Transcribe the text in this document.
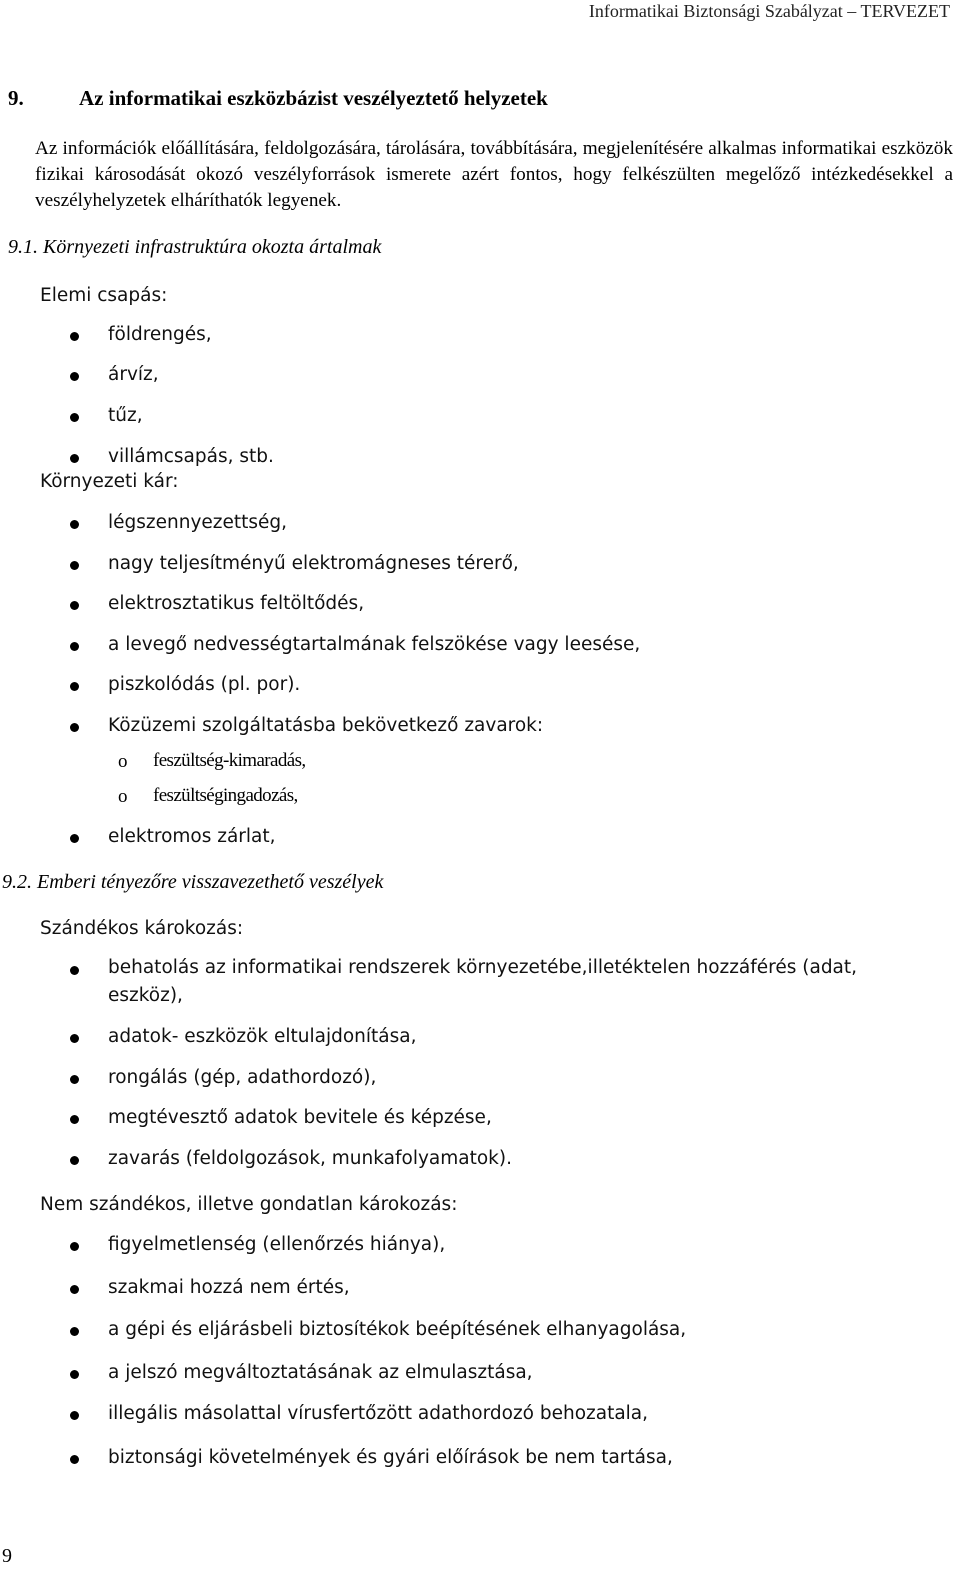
Informatikai Biztonsági Szabályzat – TERVEZET
9.	Az informatikai eszközbázist veszélyeztető helyzetek
Az információk előállítására, feldolgozására, tárolására, továbbítására, megjelenítésére alkalmas informatikai eszközök fizikai károsodását okozó veszélyforrások ismerete azért fontos, hogy felkészülten megelőző intézkedésekkel a veszélyhelyzetek elháríthatók legyenek.
9.1. Környezeti infrastruktúra okozta ártalmak
Elemi csapás:
földrengés,
árvíz,
tűz,
villámcsapás, stb.
Környezeti kár:
légszennyezettség,
nagy teljesítményű elektromágneses térerő,
elektrosztatikus feltöltődés,
a levegő nedvességtartalmának felszökése vagy leesése,
piszkolódás (pl. por).
Közüzemi szolgáltatásba bekövetkező zavarok:
o feszültség-kimaradás,
o feszültségingadozás,
elektromos zárlat,
9.2. Emberi tényezőre visszavezethető veszélyek
Szándékos károkozás:
behatolás az informatikai rendszerek környezetébe,illetéktelen hozzáférés (adat,
eszköz),
adatok- eszközök eltulajdonítása,
rongálás (gép, adathordozó),
megtévesztő adatok bevitele és képzése,
zavarás (feldolgozások, munkafolyamatok).
Nem szándékos, illetve gondatlan károkozás:
figyelmetlenség (ellenőrzés hiánya),
szakmai hozzá nem értés,
a gépi és eljárásbeli biztosítékok beépítésének elhanyagolása,
a jelszó megváltoztatásának az elmulasztása,
illegális másolattal vírusfertőzött adathordozó behozatala,
biztonsági követelmények és gyári előírások be nem tartása,
9
